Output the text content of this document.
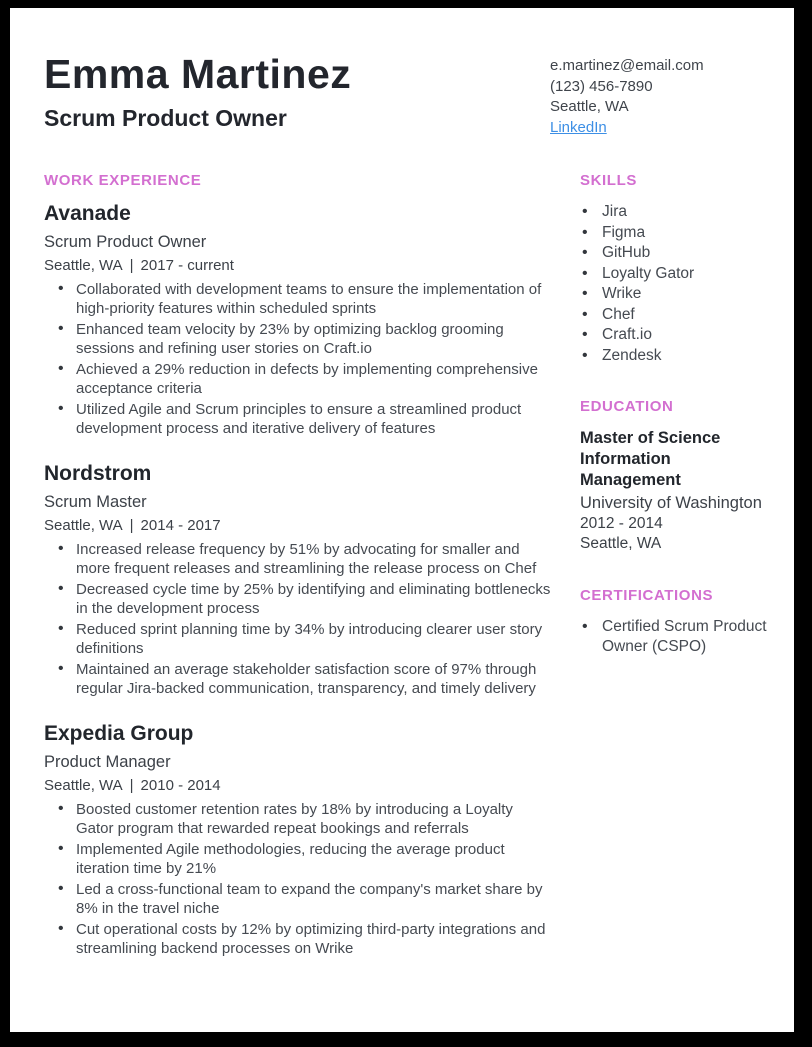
Emma Martinez
Scrum Product Owner
e.martinez@email.com
(123) 456-7890
Seattle, WA
LinkedIn
WORK EXPERIENCE
Avanade
Scrum Product Owner
Seattle, WA | 2017 - current
• Collaborated with development teams to ensure the implementation of high-priority features within scheduled sprints
• Enhanced team velocity by 23% by optimizing backlog grooming sessions and refining user stories on Craft.io
• Achieved a 29% reduction in defects by implementing comprehensive acceptance criteria
• Utilized Agile and Scrum principles to ensure a streamlined product development process and iterative delivery of features
Nordstrom
Scrum Master
Seattle, WA | 2014 - 2017
• Increased release frequency by 51% by advocating for smaller and more frequent releases and streamlining the release process on Chef
• Decreased cycle time by 25% by identifying and eliminating bottlenecks in the development process
• Reduced sprint planning time by 34% by introducing clearer user story definitions
• Maintained an average stakeholder satisfaction score of 97% through regular Jira-backed communication, transparency, and timely delivery
Expedia Group
Product Manager
Seattle, WA | 2010 - 2014
• Boosted customer retention rates by 18% by introducing a Loyalty Gator program that rewarded repeat bookings and referrals
• Implemented Agile methodologies, reducing the average product iteration time by 21%
• Led a cross-functional team to expand the company's market share by 8% in the travel niche
• Cut operational costs by 12% by optimizing third-party integrations and streamlining backend processes on Wrike
SKILLS
• Jira
• Figma
• GitHub
• Loyalty Gator
• Wrike
• Chef
• Craft.io
• Zendesk
EDUCATION
Master of Science
Information Management
University of Washington
2012 - 2014
Seattle, WA
CERTIFICATIONS
• Certified Scrum Product Owner (CSPO)
